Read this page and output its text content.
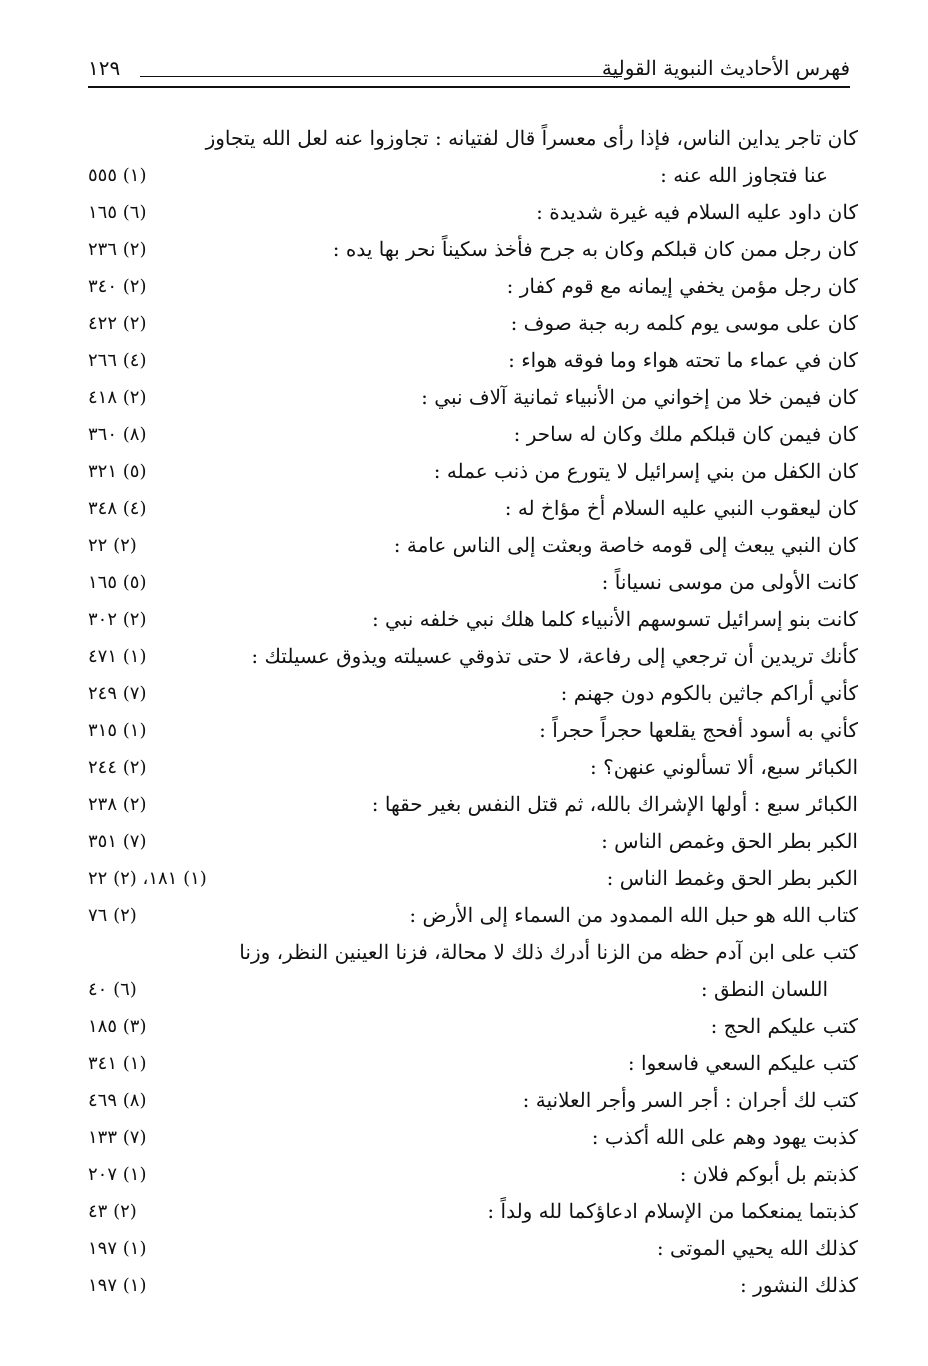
فهرس الأحاديث النبوية القولية
١٢٩
كان تاجر يداين الناس، فإذا رأى معسراً قال لفتيانه : تجاوزوا عنه لعل الله يتجاوز
عنا فتجاوز الله عنه :
(١) ٥٥٥
كان داود عليه السلام فيه غيرة شديدة :
(٦) ١٦٥
كان رجل ممن كان قبلكم وكان به جرح فأخذ سكيناً نحر بها يده :
(٢) ٢٣٦
كان رجل مؤمن يخفي إيمانه مع قوم كفار :
(٢) ٣٤٠
كان على موسى يوم كلمه ربه جبة صوف :
(٢) ٤٢٢
كان في عماء ما تحته هواء وما فوقه هواء :
(٤) ٢٦٦
كان فيمن خلا من إخواني من الأنبياء ثمانية آلاف نبي :
(٢) ٤١٨
كان فيمن كان قبلكم ملك وكان له ساحر :
(٨) ٣٦٠
كان الكفل من بني إسرائيل لا يتورع من ذنب عمله :
(٥) ٣٢١
كان ليعقوب النبي عليه السلام أخ مؤاخ له :
(٤) ٣٤٨
كان النبي يبعث إلى قومه خاصة وبعثت إلى الناس عامة :
(٢) ٢٢
كانت الأولى من موسى نسياناً :
(٥) ١٦٥
كانت بنو إسرائيل تسوسهم الأنبياء كلما هلك نبي خلفه نبي :
(٢) ٣٠٢
كأنك تريدين أن ترجعي إلى رفاعة، لا حتى تذوقي عسيلته ويذوق عسيلتك :
(١) ٤٧١
كأني أراكم جاثين بالكوم دون جهنم :
(٧) ٢٤٩
كأني به أسود أفحج يقلعها حجراً حجراً :
(١) ٣١٥
الكبائر سبع، ألا تسألوني عنهن؟ :
(٢) ٢٤٤
الكبائر سبع : أولها الإشراك بالله، ثم قتل النفس بغير حقها :
(٢) ٢٣٨
الكبر بطر الحق وغمص الناس :
(٧) ٣٥١
الكبر بطر الحق وغمط الناس :
(١) ١٨١، (٢) ٢٢
كتاب الله هو حبل الله الممدود من السماء إلى الأرض :
(٢) ٧٦
كتب على ابن آدم حظه من الزنا أدرك ذلك لا محالة، فزنا العينين النظر، وزنا
اللسان النطق :
(٦) ٤٠
كتب عليكم الحج :
(٣) ١٨٥
كتب عليكم السعي فاسعوا :
(١) ٣٤١
كتب لك أجران : أجر السر وأجر العلانية :
(٨) ٤٦٩
كذبت يهود وهم على الله أكذب :
(٧) ١٣٣
كذبتم بل أبوكم فلان :
(١) ٢٠٧
كذبتما يمنعكما من الإسلام ادعاؤكما لله ولداً :
(٢) ٤٣
كذلك الله يحيي الموتى :
(١) ١٩٧
كذلك النشور :
(١) ١٩٧
